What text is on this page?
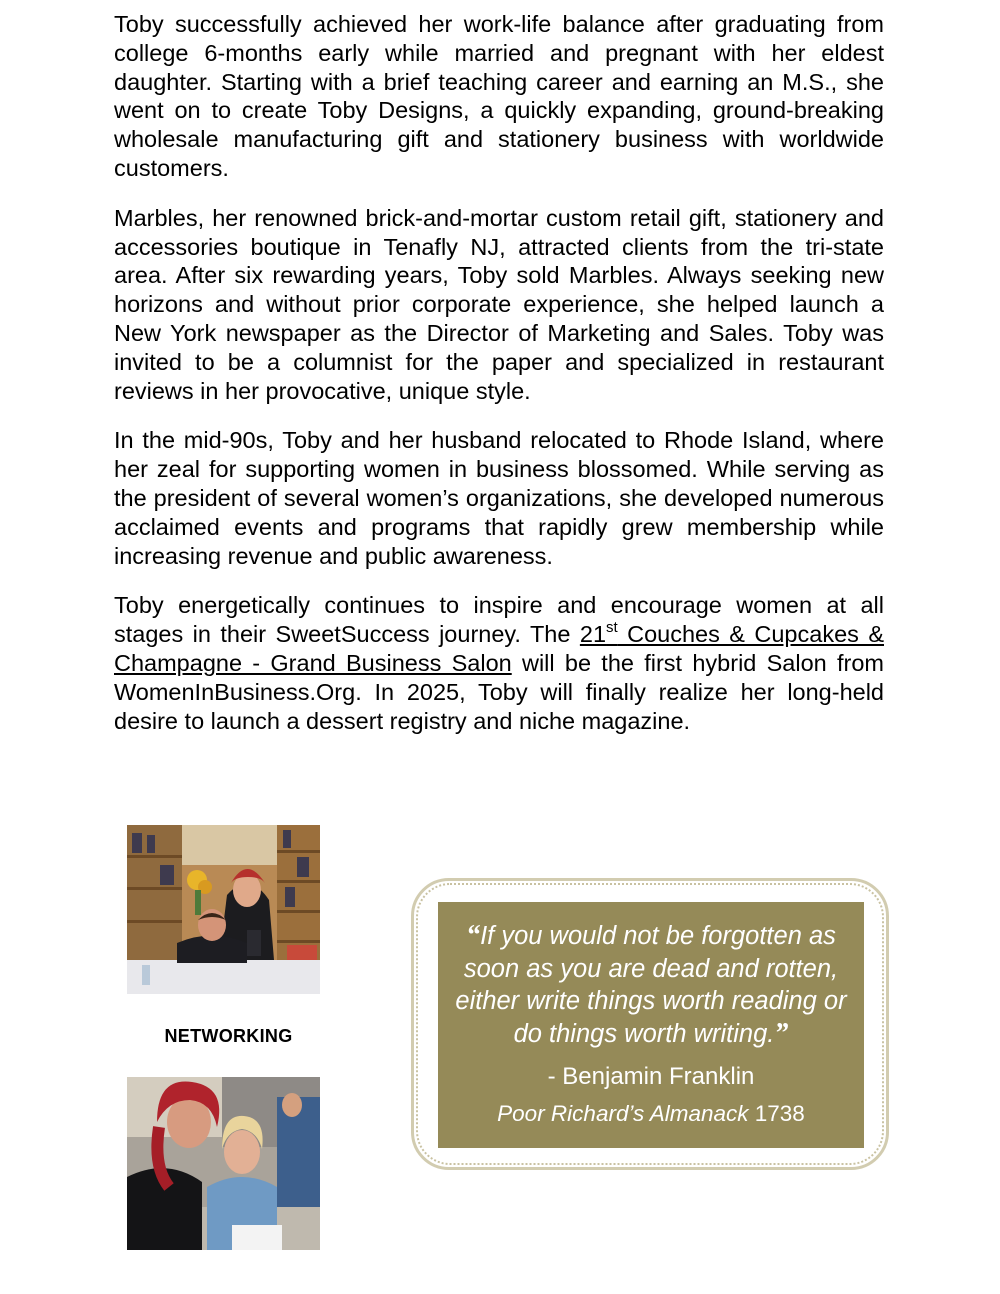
Toby successfully achieved her work-life balance after graduating from college 6-months early while married and pregnant with her eldest daughter. Starting with a brief teaching career and earning an M.S., she went on to create Toby Designs, a quickly expanding, ground-breaking wholesale manufacturing gift and stationery business with worldwide customers.

Marbles, her renowned brick-and-mortar custom retail gift, stationery and accessories boutique in Tenafly NJ, attracted clients from the tri-state area. After six rewarding years, Toby sold Marbles. Always seeking new horizons and without prior corporate experience, she helped launch a New York newspaper as the Director of Marketing and Sales. Toby was invited to be a columnist for the paper and specialized in restaurant reviews in her provocative, unique style.

In the mid-90s, Toby and her husband relocated to Rhode Island, where her zeal for supporting women in business blossomed. While serving as the president of several women’s organizations, she developed numerous acclaimed events and programs that rapidly grew membership while increasing revenue and public awareness.

Toby energetically continues to inspire and encourage women at all stages in their SweetSuccess journey. The 21st Couches & Cupcakes & Champagne - Grand Business Salon will be the first hybrid Salon from WomenInBusiness.Org. In 2025, Toby will finally realize her long-held desire to launch a dessert registry and niche magazine.

NETWORKING
“If you would not be forgotten as soon as you are dead and rotten, either write things worth reading or do things worth writing.”
- Benjamin Franklin
Poor Richard’s Almanack 1738
